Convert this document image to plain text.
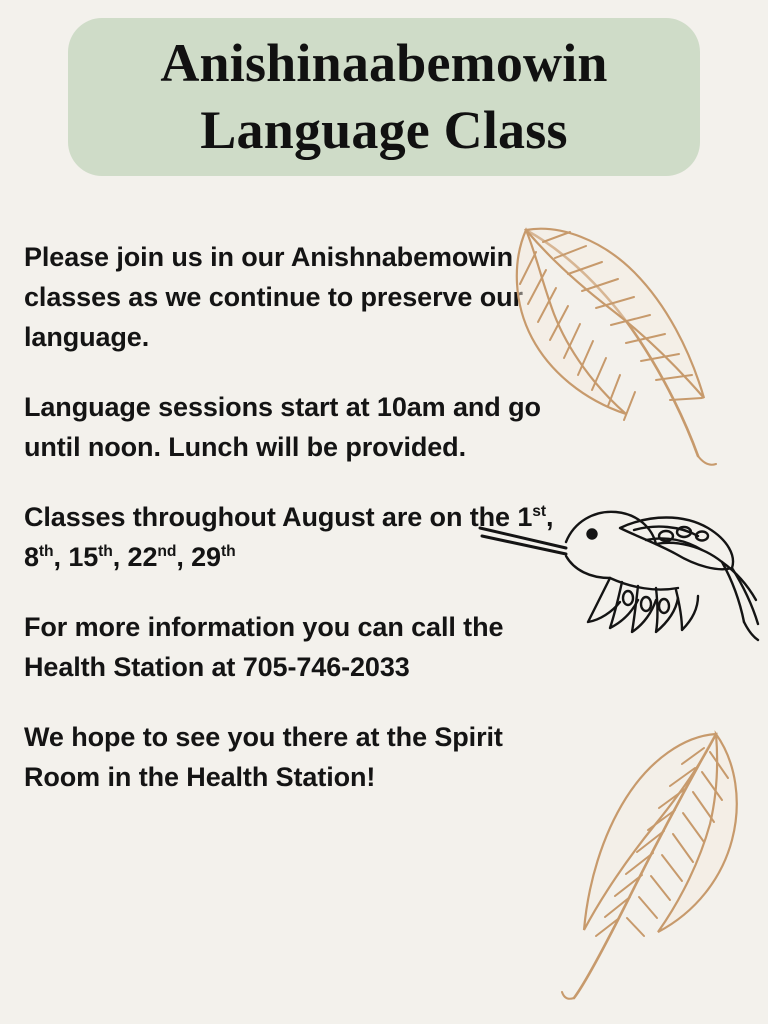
Anishinaabemowin
Language Class

Please join us in our Anishnabemowin classes as we continue to preserve our language.

Language sessions start at 10am and go until noon. Lunch will be provided.

Classes throughout August are on the 1st, 8th, 15th, 22nd, 29th

For more information you can call the Health Station at 705-746-2033

We hope to see you there at the Spirit Room in the Health Station!
